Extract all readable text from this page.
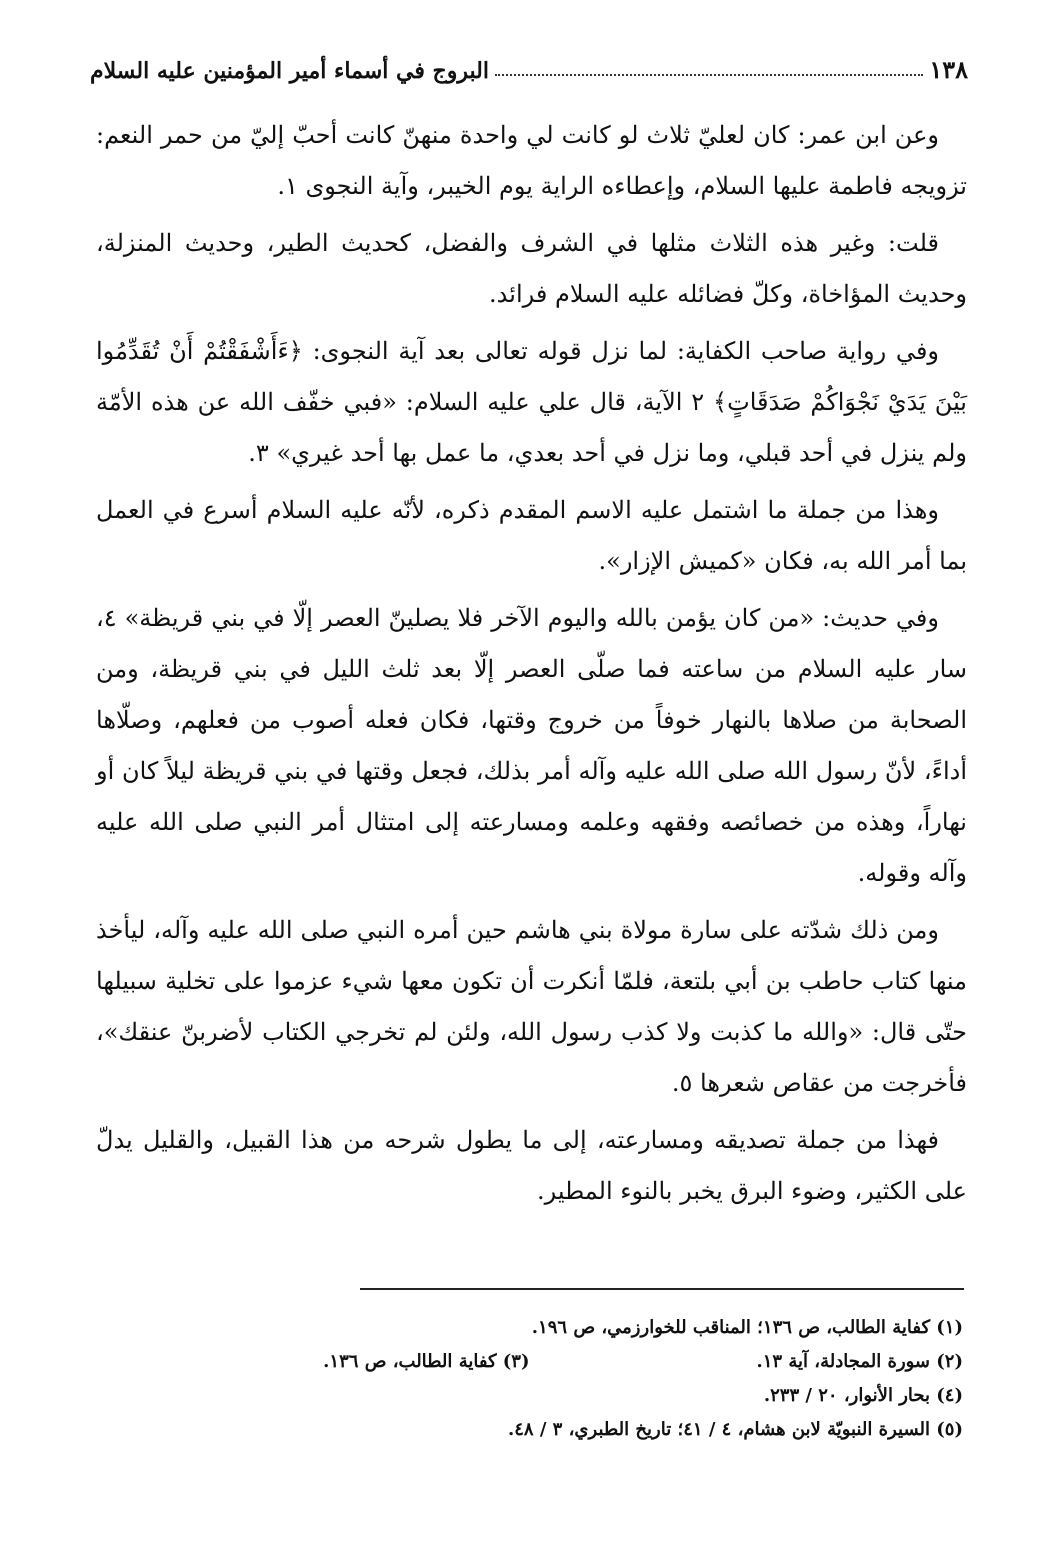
١٣٨
البروج في أسماء أمير المؤمنين عليه السلام

وعن ابن عمر: كان لعليّ ثلاث لو كانت لي واحدة منهنّ كانت أحبّ إليّ من حمر النعم: تزويجه فاطمة عليها السلام، وإعطاءه الراية يوم الخيبر، وآية النجوى ١.

قلت: وغير هذه الثلاث مثلها في الشرف والفضل، كحديث الطير، وحديث المنزلة، وحديث المؤاخاة، وكلّ فضائله عليه السلام فرائد.

وفي رواية صاحب الكفاية: لما نزل قوله تعالى بعد آية النجوى: ﴿ءَأَشْفَقْتُمْ أَنْ تُقَدِّمُوا بَيْنَ يَدَيْ نَجْوَاكُمْ صَدَقَاتٍ﴾ ٢ الآية، قال علي عليه السلام: «فبي خفّف الله عن هذه الأمّة ولم ينزل في أحد قبلي، وما نزل في أحد بعدي، ما عمل بها أحد غيري» ٣.

وهذا من جملة ما اشتمل عليه الاسم المقدم ذكره، لأنّه عليه السلام أسرع في العمل بما أمر الله به، فكان «كميش الإزار».

وفي حديث: «من كان يؤمن بالله واليوم الآخر فلا يصلينّ العصر إلّا في بني قريظة» ٤، سار عليه السلام من ساعته فما صلّى العصر إلّا بعد ثلث الليل في بني قريظة، ومن الصحابة من صلاها بالنهار خوفاً من خروج وقتها، فكان فعله أصوب من فعلهم، وصلّاها أداءً، لأنّ رسول الله صلى الله عليه وآله أمر بذلك، فجعل وقتها في بني قريظة ليلاً كان أو نهاراً، وهذه من خصائصه وفقهه وعلمه ومسارعته إلى امتثال أمر النبي صلى الله عليه وآله وقوله.

ومن ذلك شدّته على سارة مولاة بني هاشم حين أمره النبي صلى الله عليه وآله، ليأخذ منها كتاب حاطب بن أبي بلتعة، فلمّا أنكرت أن تكون معها شيء عزموا على تخلية سبيلها حتّى قال: «والله ما كذبت ولا كذب رسول الله، ولئن لم تخرجي الكتاب لأضربنّ عنقك»، فأخرجت من عقاص شعرها ٥.

فهذا من جملة تصديقه ومسارعته، إلى ما يطول شرحه من هذا القبيل، والقليل يدلّ على الكثير، وضوء البرق يخبر بالنوء المطير.

(١) كفاية الطالب، ص ١٣٦؛ المناقب للخوارزمي، ص ١٩٦.
(٢) سورة المجادلة، آية ١٣.
(٣) كفاية الطالب، ص ١٣٦.
(٤) بحار الأنوار، ٢٠ / ٢٣٣.
(٥) السيرة النبويّة لابن هشام، ٤ / ٤١؛ تاريخ الطبري، ٣ / ٤٨.
